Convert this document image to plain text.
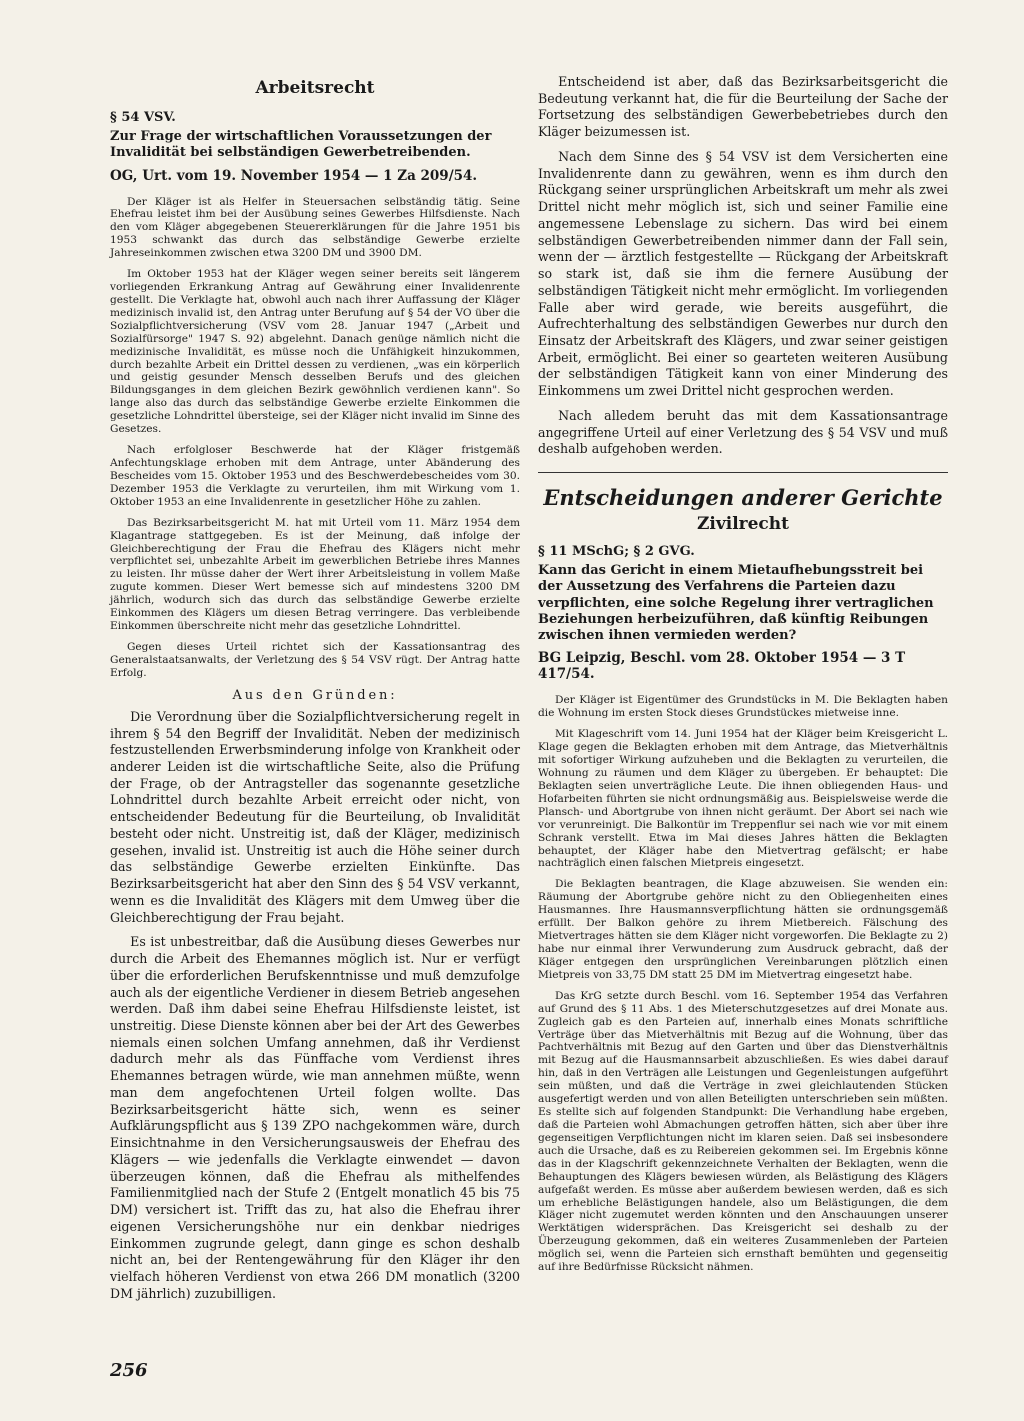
Arbeitsrecht
§ 54 VSV.
Zur Frage der wirtschaftlichen Voraussetzungen der Invalidität bei selbständigen Gewerbetreibenden.
OG, Urt. vom 19. November 1954 — 1 Za 209/54.

Der Kläger ist als Helfer in Steuersachen selbständig tätig. Seine Ehefrau leistet ihm bei der Ausübung seines Gewerbes Hilfsdienste. Nach den vom Kläger abgegebenen Steuererklärungen für die Jahre 1951 bis 1953 schwankt das durch das selbständige Gewerbe erzielte Jahreseinkommen zwischen etwa 3200 DM und 3900 DM.

Im Oktober 1953 hat der Kläger wegen seiner bereits seit längerem vorliegenden Erkrankung Antrag auf Gewährung einer Invalidenrente gestellt. Die Verklagte hat, obwohl auch nach ihrer Auffassung der Kläger medizinisch invalid ist, den Antrag unter Berufung auf § 54 der VO über die Sozialpflichtversicherung (VSV vom 28. Januar 1947 („Arbeit und Sozialfürsorge" 1947 S. 92) abgelehnt. Danach genüge nämlich nicht die medizinische Invalidität, es müsse noch die Unfähigkeit hinzukommen, durch bezahlte Arbeit ein Drittel dessen zu verdienen, „was ein körperlich und geistig gesunder Mensch desselben Berufs und des gleichen Bildungsganges in dem gleichen Bezirk gewöhnlich verdienen kann". So lange also das durch das selbständige Gewerbe erzielte Einkommen die gesetzliche Lohndrittel übersteige, sei der Kläger nicht invalid im Sinne des Gesetzes.

Nach erfolgloser Beschwerde hat der Kläger fristgemäß Anfechtungsklage erhoben mit dem Antrage, unter Abänderung des Bescheides vom 15. Oktober 1953 und des Beschwerdebescheides vom 30. Dezember 1953 die Verklagte zu verurteilen, ihm mit Wirkung vom 1. Oktober 1953 an eine Invalidenrente in gesetzlicher Höhe zu zahlen.

Das Bezirksarbeitsgericht M. hat mit Urteil vom 11. März 1954 dem Klagantrage stattgegeben. Es ist der Meinung, daß infolge der Gleichberechtigung der Frau die Ehefrau des Klägers nicht mehr verpflichtet sei, unbezahlte Arbeit im gewerblichen Betriebe ihres Mannes zu leisten. Ihr müsse daher der Wert ihrer Arbeitsleistung in vollem Maße zugute kommen. Dieser Wert bemesse sich auf mindestens 3200 DM jährlich, wodurch sich das durch das selbständige Gewerbe erzielte Einkommen des Klägers um diesen Betrag verringere. Das verbleibende Einkommen überschreite nicht mehr das gesetzliche Lohndrittel.

Gegen dieses Urteil richtet sich der Kassationsantrag des Generalstaatsanwalts, der Verletzung des § 54 VSV rügt. Der Antrag hatte Erfolg.

Aus den Gründen:

Die Verordnung über die Sozialpflichtversicherung regelt in ihrem § 54 den Begriff der Invalidität. Neben der medizinisch festzustellenden Erwerbsminderung infolge von Krankheit oder anderer Leiden ist die wirtschaftliche Seite, also die Prüfung der Frage, ob der Antragsteller das sogenannte gesetzliche Lohndrittel durch bezahlte Arbeit erreicht oder nicht, von entscheidender Bedeutung für die Beurteilung, ob Invalidität besteht oder nicht. Unstreitig ist, daß der Kläger, medizinisch gesehen, invalid ist. Unstreitig ist auch die Höhe seiner durch das selbständige Gewerbe erzielten Einkünfte. Das Bezirksarbeitsgericht hat aber den Sinn des § 54 VSV verkannt, wenn es die Invalidität des Klägers mit dem Umweg über die Gleichberechtigung der Frau bejaht.

Es ist unbestreitbar, daß die Ausübung dieses Gewerbes nur durch die Arbeit des Ehemannes möglich ist. Nur er verfügt über die erforderlichen Berufskenntnisse und muß demzufolge auch als der eigentliche Verdiener in diesem Betrieb angesehen werden. Daß ihm dabei seine Ehefrau Hilfsdienste leistet, ist unstreitig. Diese Dienste können aber bei der Art des Gewerbes niemals einen solchen Umfang annehmen, daß ihr Verdienst dadurch mehr als das Fünffache vom Verdienst ihres Ehemannes betragen würde, wie man annehmen müßte, wenn man dem angefochtenen Urteil folgen wollte. Das Bezirksarbeitsgericht hätte sich, wenn es seiner Aufklärungspflicht aus § 139 ZPO nachgekommen wäre, durch Einsichtnahme in den Versicherungsausweis der Ehefrau des Klägers — wie jedenfalls die Verklagte einwendet — davon überzeugen können, daß die Ehefrau als mithelfendes Familienmitglied nach der Stufe 2 (Entgelt monatlich 45 bis 75 DM) versichert ist. Trifft das zu, hat also die Ehefrau ihrer eigenen Versicherungshöhe nur ein denkbar niedriges Einkommen zugrunde gelegt, dann ginge es schon deshalb nicht an, bei der Rentengewährung für den Kläger ihr den vielfach höheren Verdienst von etwa 266 DM monatlich (3200 DM jährlich) zuzubilligen.

Entscheidend ist aber, daß das Bezirksarbeitsgericht die Bedeutung verkannt hat, die für die Beurteilung der Sache der Fortsetzung des selbständigen Gewerbebetriebes durch den Kläger beizumessen ist.

Nach dem Sinne des § 54 VSV ist dem Versicherten eine Invalidenrente dann zu gewähren, wenn es ihm durch den Rückgang seiner ursprünglichen Arbeitskraft um mehr als zwei Drittel nicht mehr möglich ist, sich und seiner Familie eine angemessene Lebenslage zu sichern. Das wird bei einem selbständigen Gewerbetreibenden nimmer dann der Fall sein, wenn der — ärztlich festgestellte — Rückgang der Arbeitskraft so stark ist, daß sie ihm die fernere Ausübung der selbständigen Tätigkeit nicht mehr ermöglicht. Im vorliegenden Falle aber wird gerade, wie bereits ausgeführt, die Aufrechterhaltung des selbständigen Gewerbes nur durch den Einsatz der Arbeitskraft des Klägers, und zwar seiner geistigen Arbeit, ermöglicht. Bei einer so gearteten weiteren Ausübung der selbständigen Tätigkeit kann von einer Minderung des Einkommens um zwei Drittel nicht gesprochen werden.

Nach alledem beruht das mit dem Kassationsantrage angegriffene Urteil auf einer Verletzung des § 54 VSV und muß deshalb aufgehoben werden.

Entscheidungen anderer Gerichte
Zivilrecht
§ 11 MSchG; § 2 GVG.
Kann das Gericht in einem Mietaufhebungsstreit bei der Aussetzung des Verfahrens die Parteien dazu verpflichten, eine solche Regelung ihrer vertraglichen Beziehungen herbeizuführen, daß künftig Reibungen zwischen ihnen vermieden werden?
BG Leipzig, Beschl. vom 28. Oktober 1954 — 3 T 417/54.

Der Kläger ist Eigentümer des Grundstücks in M. Die Beklagten haben die Wohnung im ersten Stock dieses Grundstückes mietweise inne.

Mit Klageschrift vom 14. Juni 1954 hat der Kläger beim Kreisgericht L. Klage gegen die Beklagten erhoben mit dem Antrage, das Mietverhältnis mit sofortiger Wirkung aufzuheben und die Beklagten zu verurteilen, die Wohnung zu räumen und dem Kläger zu übergeben. Er behauptet: Die Beklagten seien unverträgliche Leute. Die ihnen obliegenden Haus- und Hofarbeiten führten sie nicht ordnungsmäßig aus. Beispielsweise werde die Plansch- und Abortgrube von ihnen nicht geräumt. Der Abort sei nach wie vor verunreinigt. Die Balkontür im Treppenflur sei nach wie vor mit einem Schrank verstellt. Etwa im Mai dieses Jahres hätten die Beklagten behauptet, der Kläger habe den Mietvertrag gefälscht; er habe nachträglich einen falschen Mietpreis eingesetzt.

Die Beklagten beantragen, die Klage abzuweisen. Sie wenden ein: Räumung der Abortgrube gehöre nicht zu den Obliegenheiten eines Hausmannes. Ihre Hausmannsverpflichtung hätten sie ordnungsgemäß erfüllt. Der Balkon gehöre zu ihrem Mietbereich. Fälschung des Mietvertrages hätten sie dem Kläger nicht vorgeworfen. Die Beklagte zu 2) habe nur einmal ihrer Verwunderung zum Ausdruck gebracht, daß der Kläger entgegen den ursprünglichen Vereinbarungen plötzlich einen Mietpreis von 33,75 DM statt 25 DM im Mietvertrag eingesetzt habe.

Das KrG setzte durch Beschl. vom 16. September 1954 das Verfahren auf Grund des § 11 Abs. 1 des Mieterschutzgesetzes auf drei Monate aus. Zugleich gab es den Parteien auf, innerhalb eines Monats schriftliche Verträge über das Mietverhältnis mit Bezug auf die Wohnung, über das Pachtverhältnis mit Bezug auf den Garten und über das Dienstverhältnis mit Bezug auf die Hausmannsarbeit abzuschließen. Es wies dabei darauf hin, daß in den Verträgen alle Leistungen und Gegenleistungen aufgeführt sein müßten, und daß die Verträge in zwei gleichlautenden Stücken ausgefertigt werden und von allen Beteiligten unterschrieben sein müßten. Es stellte sich auf folgenden Standpunkt: Die Verhandlung habe ergeben, daß die Parteien wohl Abmachungen getroffen hätten, sich aber über ihre gegenseitigen Verpflichtungen nicht im klaren seien. Daß sei insbesondere auch die Ursache, daß es zu Reibereien gekommen sei. Im Ergebnis könne das in der Klagschrift gekennzeichnete Verhalten der Beklagten, wenn die Behauptungen des Klägers bewiesen würden, als Belästigung des Klägers aufgefaßt werden. Es müsse aber außerdem bewiesen werden, daß es sich um erhebliche Belästigungen handele, also um Belästigungen, die dem Kläger nicht zugemutet werden könnten und den Anschauungen unserer Werktätigen widersprächen. Das Kreisgericht sei deshalb zu der Überzeugung gekommen, daß ein weiteres Zusammenleben der Parteien möglich sei, wenn die Parteien sich ernsthaft bemühten und gegenseitig auf ihre Bedürfnisse Rücksicht nähmen.

256
